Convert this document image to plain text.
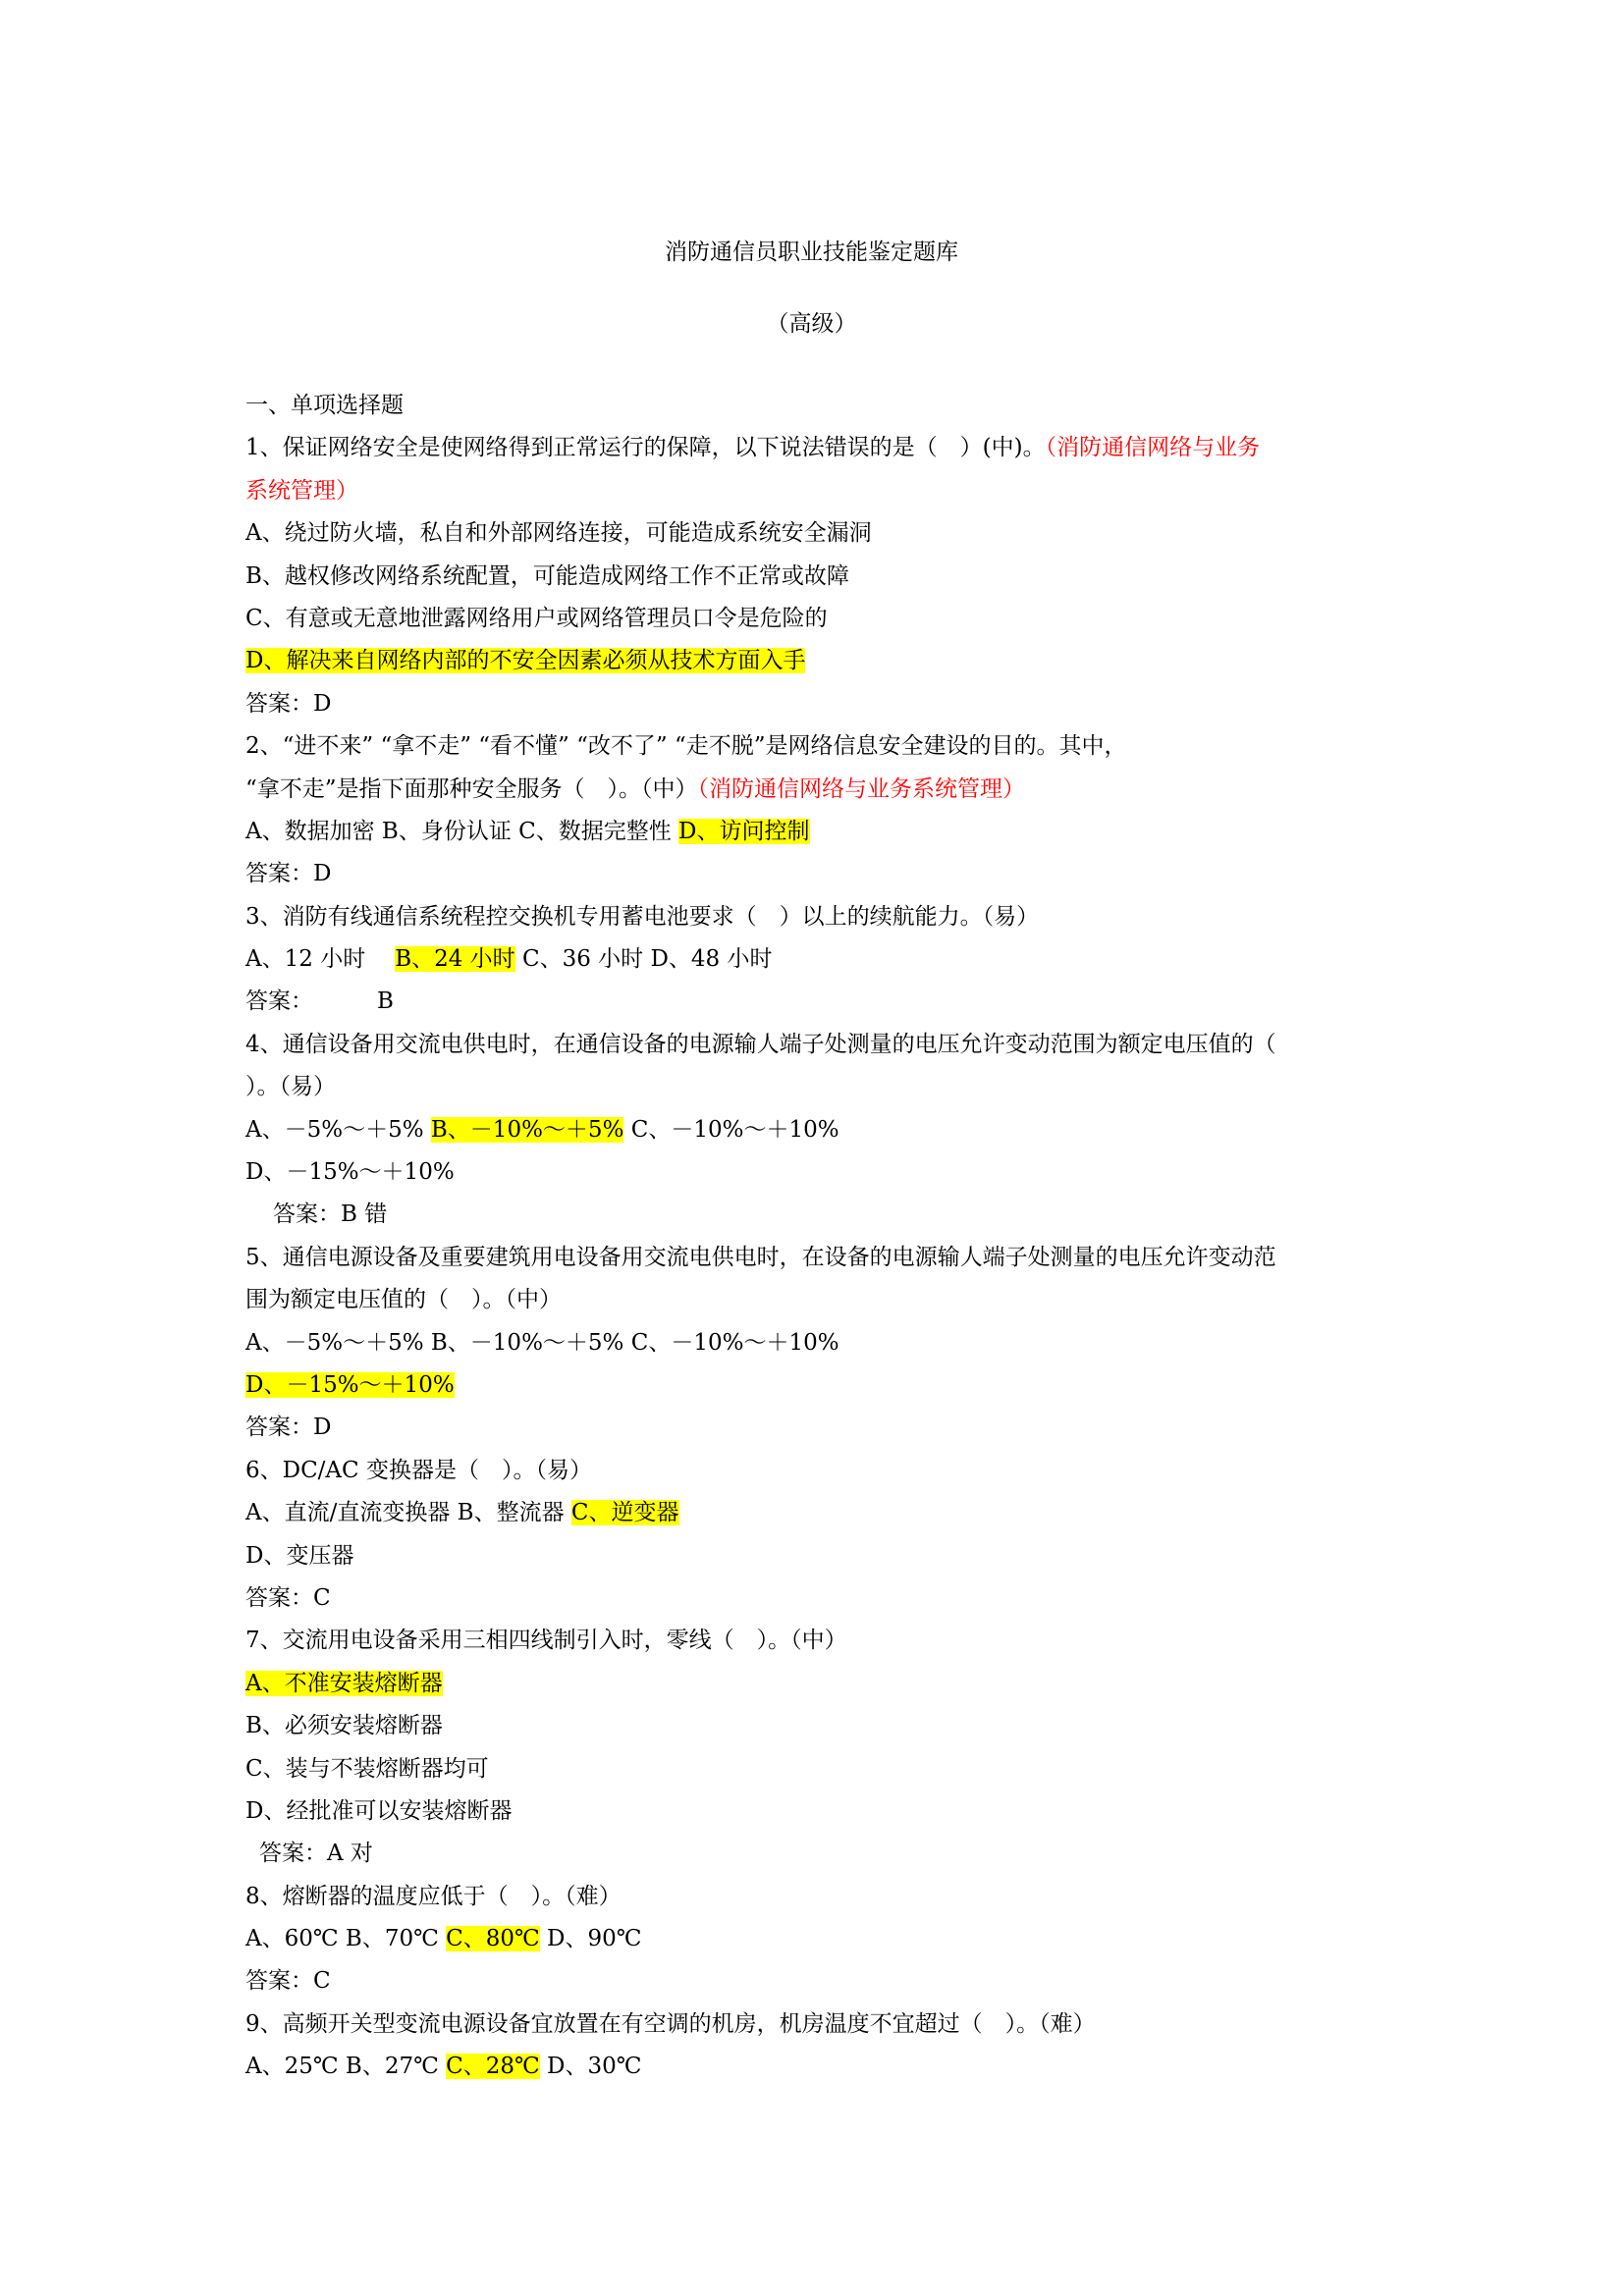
消防通信员职业技能鉴定题库
（高级）
一、单项选择题
1、保证网络安全是使网络得到正常运行的保障，以下说法错误的是（　）(中)。（消防通信网络与业务
系统管理）
A、绕过防火墙，私自和外部网络连接，可能造成系统安全漏洞
B、越权修改网络系统配置，可能造成网络工作不正常或故障
C、有意或无意地泄露网络用户或网络管理员口令是危险的
D、解决来自网络内部的不安全因素必须从技术方面入手
答案：D
2、“进不来” “拿不走” “看不懂” “改不了” “走不脱”是网络信息安全建设的目的。其中，
“拿不走”是指下面那种安全服务（　）。（中）（消防通信网络与业务系统管理）
A、数据加密 B、身份认证 C、数据完整性 D、访问控制
答案：D
3、消防有线通信系统程控交换机专用蓄电池要求（　）以上的续航能力。（易）
A、12 小时 B、24 小时 C、36 小时 D、48 小时
答案：	B
4、通信设备用交流电供电时，在通信设备的电源输人端子处测量的电压允许变动范围为额定电压值的（
）。（易）
A、－5%～＋5% B、－10%～＋5% C、－10%～＋10%
D、－15%～＋10%
答案：B 错
5、通信电源设备及重要建筑用电设备用交流电供电时，在设备的电源输人端子处测量的电压允许变动范
围为额定电压值的（　）。（中）
A、－5%～＋5% B、－10%～＋5% C、－10%～＋10%
D、－15%～＋10%
答案：D
6、DC/AC 变换器是（　）。（易）
A、直流/直流变换器 B、整流器 C、逆变器
D、变压器
答案：C
7、交流用电设备采用三相四线制引入时，零线（　）。（中）
A、不准安装熔断器
B、必须安装熔断器
C、装与不装熔断器均可
D、经批准可以安装熔断器
答案：A 对
8、熔断器的温度应低于（　）。（难）
A、60℃ B、70℃ C、80℃ D、90℃
答案：C
9、高频开关型变流电源设备宜放置在有空调的机房，机房温度不宜超过（　）。（难）
A、25℃ B、27℃ C、28℃ D、30℃
